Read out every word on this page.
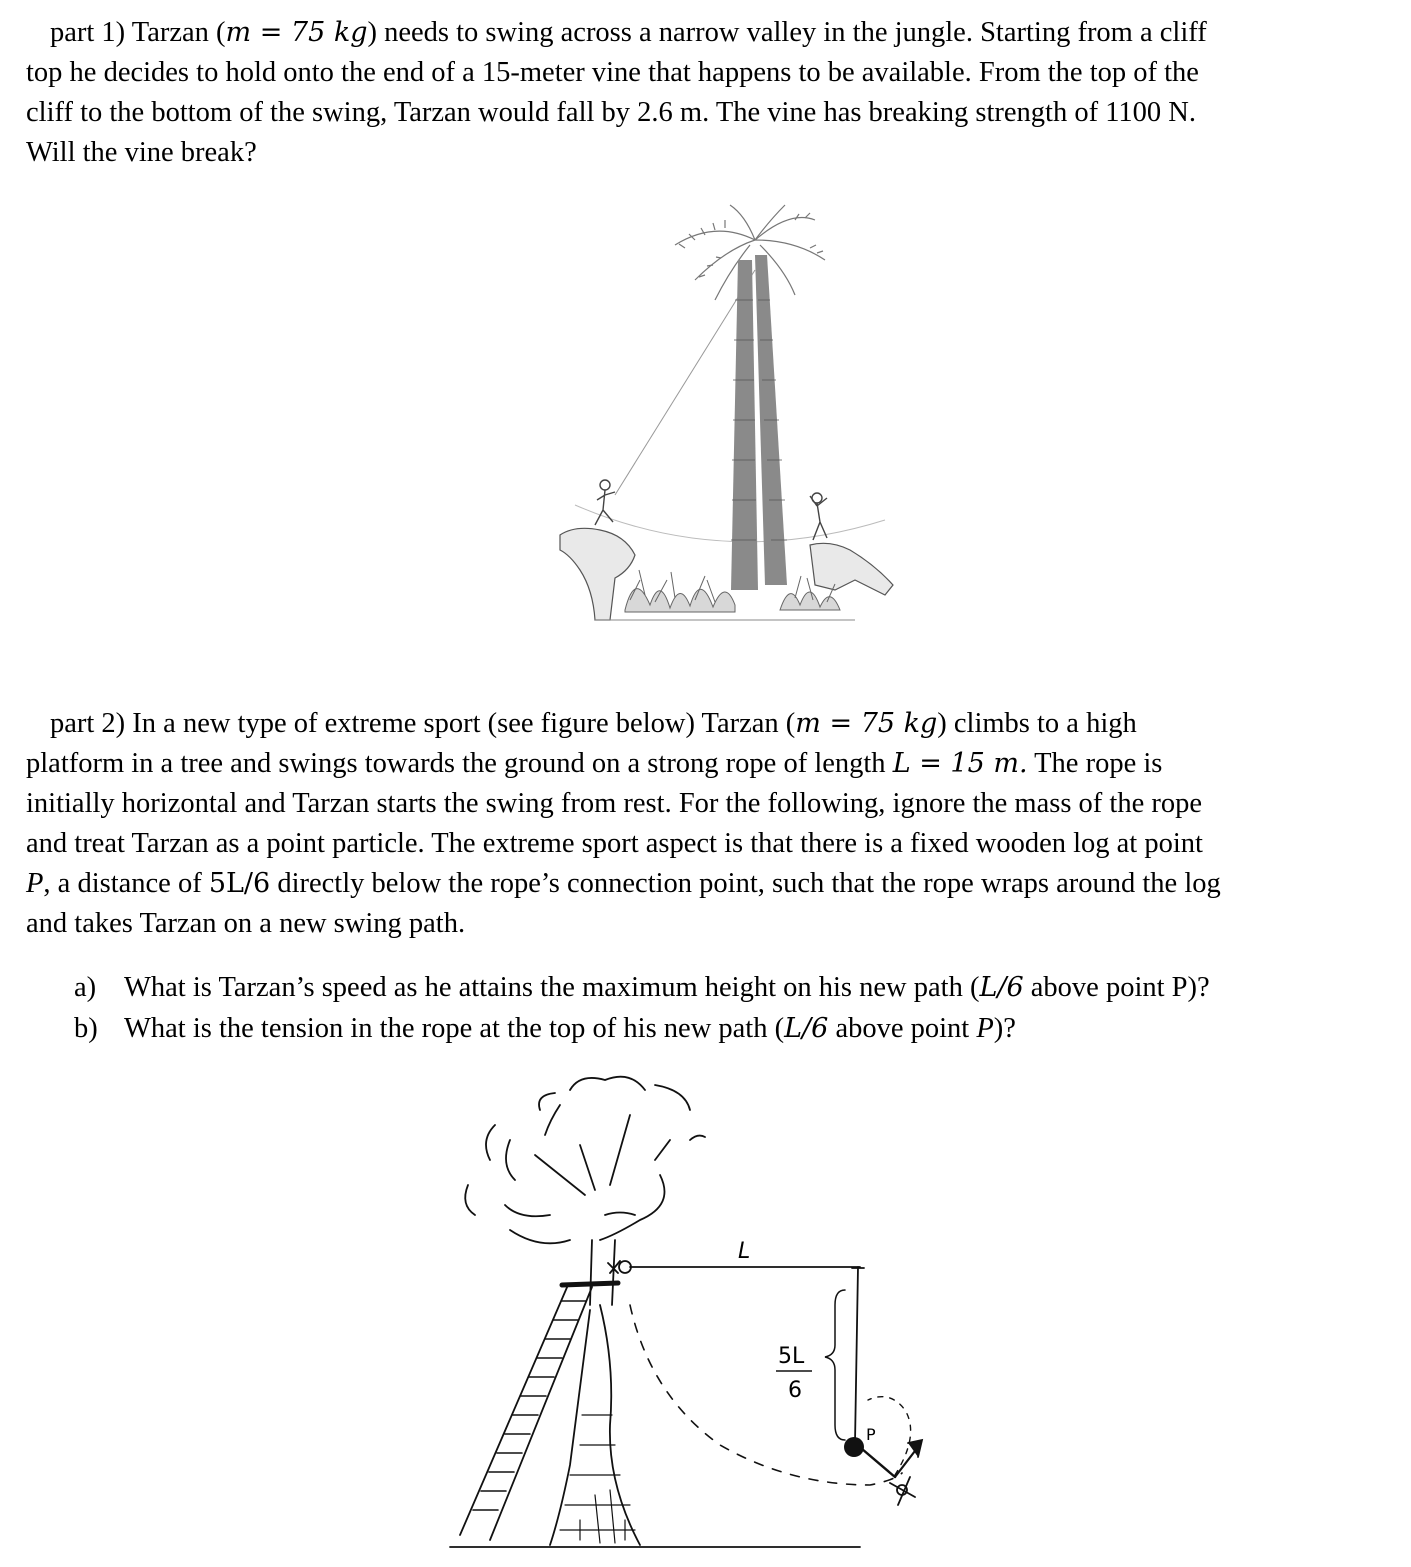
part 1) Tarzan (m = 75 kg) needs to swing across a narrow valley in the jungle. Starting from a cliff
top he decides to hold onto the end of a 15-meter vine that happens to be available. From the top of the
cliff to the bottom of the swing, Tarzan would fall by 2.6 m. The vine has breaking strength of 1100 N.
Will the vine break?
part 2) In a new type of extreme sport (see figure below) Tarzan (m = 75 kg) climbs to a high
platform in a tree and swings towards the ground on a strong rope of length L = 15 m. The rope is
initially horizontal and Tarzan starts the swing from rest. For the following, ignore the mass of the rope
and treat Tarzan as a point particle. The extreme sport aspect is that there is a fixed wooden log at point
P, a distance of 5L/6 directly below the rope’s connection point, such that the rope wraps around the log
and takes Tarzan on a new swing path.
a) What is Tarzan’s speed as he attains the maximum height on his new path (L/6 above point P)?
b) What is the tension in the rope at the top of his new path (L/6 above point P)?
L
5L
6
P
